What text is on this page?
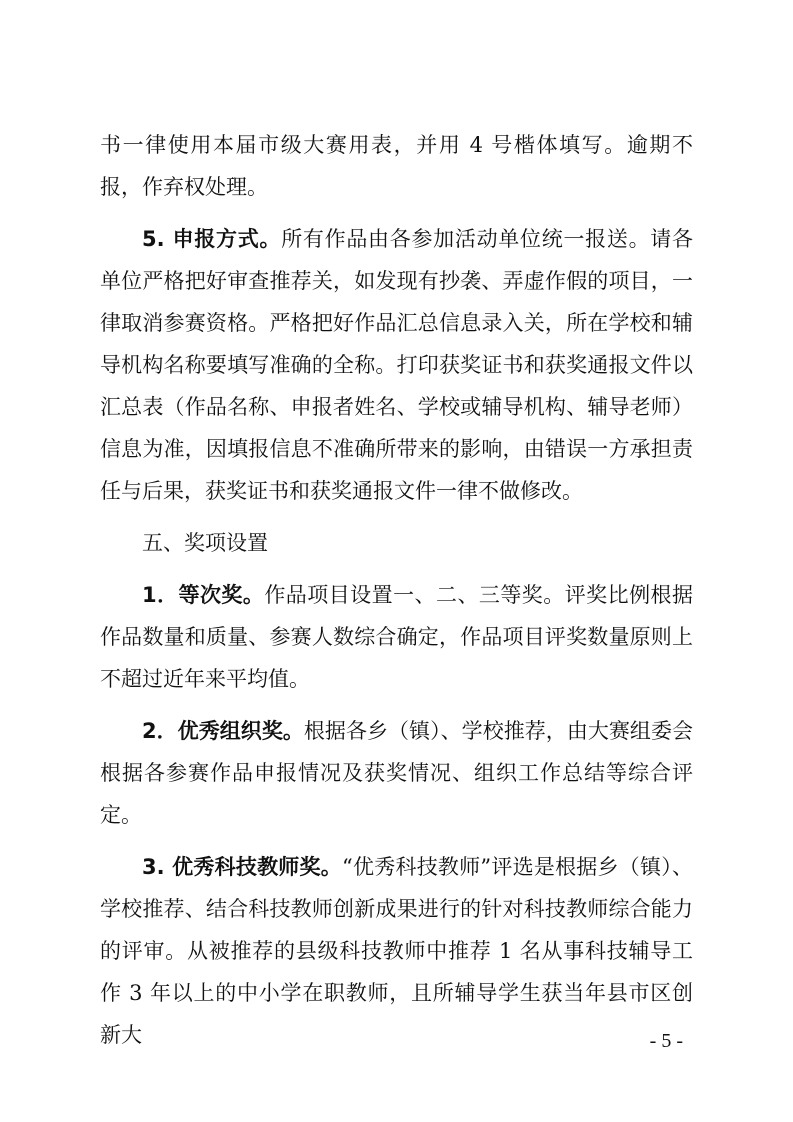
书一律使用本届市级大赛用表，并用 4 号楷体填写。逾期不报，作弃权处理。

5. 申报方式。所有作品由各参加活动单位统一报送。请各单位严格把好审查推荐关，如发现有抄袭、弄虚作假的项目，一律取消参赛资格。严格把好作品汇总信息录入关，所在学校和辅导机构名称要填写准确的全称。打印获奖证书和获奖通报文件以汇总表（作品名称、申报者姓名、学校或辅导机构、辅导老师）信息为准，因填报信息不准确所带来的影响，由错误一方承担责任与后果，获奖证书和获奖通报文件一律不做修改。

五、奖项设置

1．等次奖。作品项目设置一、二、三等奖。评奖比例根据作品数量和质量、参赛人数综合确定，作品项目评奖数量原则上不超过近年来平均值。

2．优秀组织奖。根据各乡（镇）、学校推荐，由大赛组委会根据各参赛作品申报情况及获奖情况、组织工作总结等综合评定。

3. 优秀科技教师奖。“优秀科技教师”评选是根据乡（镇）、学校推荐、结合科技教师创新成果进行的针对科技教师综合能力的评审。从被推荐的县级科技教师中推荐 1 名从事科技辅导工作 3 年以上的中小学在职教师，且所辅导学生获当年县市区创新大	- 5 -
